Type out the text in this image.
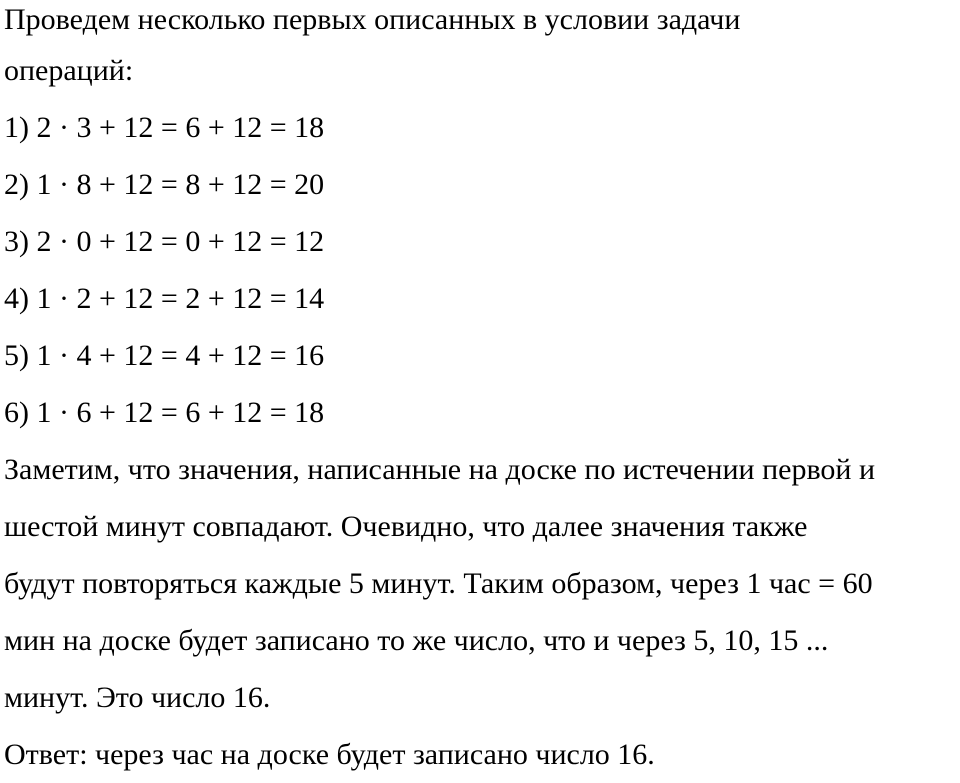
Проведем несколько первых описанных в условии задачи
операций:
1) 2 · 3 + 12 = 6 + 12 = 18
2) 1 · 8 + 12 = 8 + 12 = 20
3) 2 · 0 + 12 = 0 + 12 = 12
4) 1 · 2 + 12 = 2 + 12 = 14
5) 1 · 4 + 12 = 4 + 12 = 16
6) 1 · 6 + 12 = 6 + 12 = 18
Заметим, что значения, написанные на доске по истечении первой и
шестой минут совпадают. Очевидно, что далее значения также
будут повторяться каждые 5 минут. Таким образом, через 1 час = 60
мин на доске будет записано то же число, что и через 5, 10, 15 ...
минут. Это число 16.
Ответ: через час на доске будет записано число 16.
